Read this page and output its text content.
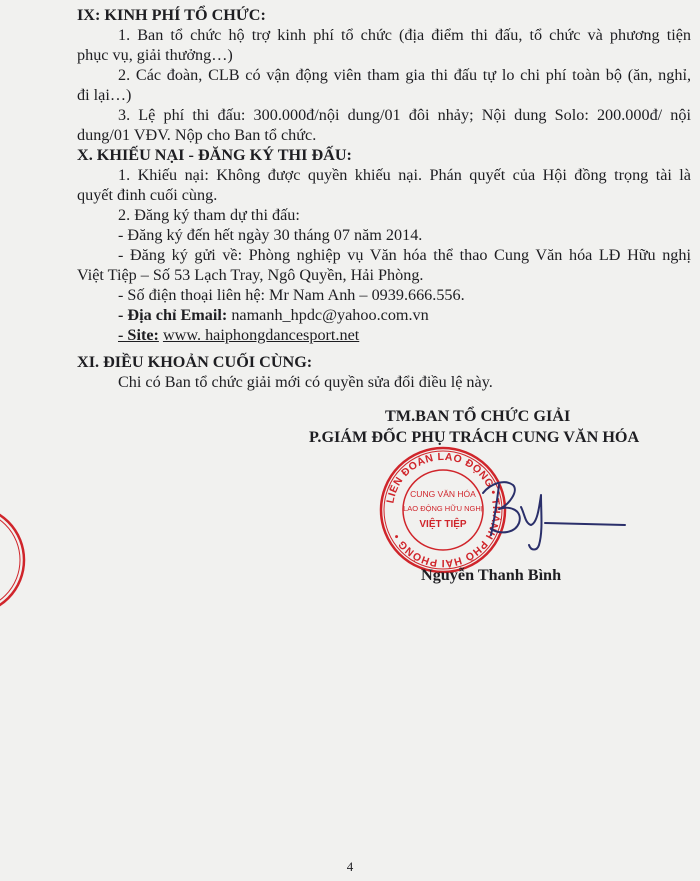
IX: KINH PHÍ TỔ CHỨC:
1. Ban tổ chức hộ trợ kinh phí tổ chức (địa điểm thi đấu, tổ chức và phương tiện
phục vụ, giải thưởng…)
2. Các đoàn, CLB có vận động viên tham gia thi đấu tự lo chi phí toàn bộ (ăn, nghỉ,
đi lại…)
3. Lệ phí thi đấu: 300.000đ/nội dung/01 đôi nhảy; Nội dung Solo: 200.000đ/ nội
dung/01 VĐV. Nộp cho Ban tổ chức.
X. KHIẾU NẠI - ĐĂNG KÝ THI ĐẤU:
1. Khiếu nại: Không được quyền khiếu nại. Phán quyết của Hội đồng trọng tài là
quyết đinh cuối cùng.
2. Đăng ký tham dự thi đấu:
- Đăng ký đến hết ngày 30 tháng 07 năm 2014.
- Đăng ký gửi về: Phòng nghiệp vụ Văn hóa thể thao Cung Văn hóa LĐ Hữu nghị
Việt Tiệp – Số 53 Lạch Tray, Ngô Quyền, Hải Phòng.
- Số điện thoại liên hệ: Mr Nam Anh – 0939.666.556.
- Địa chỉ Email: namanh_hpdc@yahoo.com.vn
- Site: www. haiphongdancesport.net
XI. ĐIỀU KHOẢN CUỐI CÙNG:
Chi có Ban tổ chức giải mới có quyền sửa đổi điều lệ này.
TM.BAN TỔ CHỨC GIẢI
P.GIÁM ĐỐC PHỤ TRÁCH CUNG VĂN HÓA
LIÊN ĐOÀN LAO ĐỘNG • THÀNH PHỐ HẢI PHÒNG •
CUNG VĂN HÓA
LAO ĐỘNG HỮU NGHỊ
VIỆT TIỆP
Nguyễn Thanh Bình
4
